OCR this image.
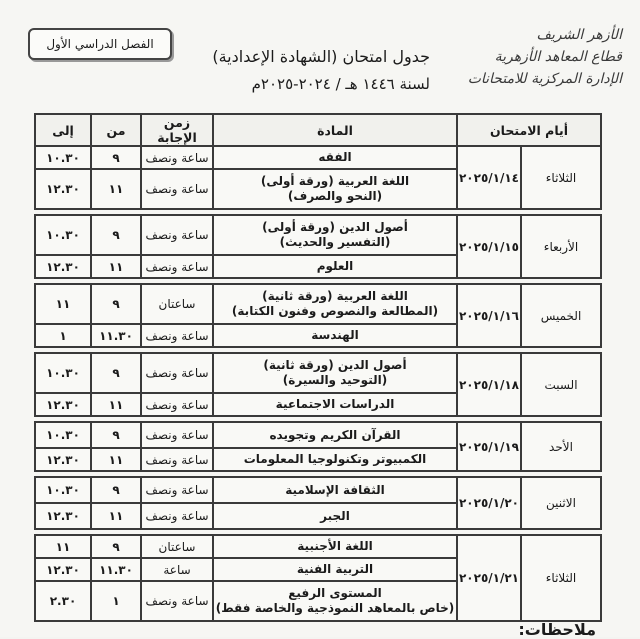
الفصل الدراسي الأول
جدول امتحان (الشهادة الإعدادية)
لسنة ١٤٤٦ هـ / ٢٠٢٤-٢٠٢٥م
الأزهر الشريف
قطاع المعاهد الأزهرية
الإدارة المركزية للامتحانات
أيام الامتحان		المادة	زمن الإجابة	من	إلى
الثلاثاء	٢٠٢٥/١/١٤	الفقه	ساعة ونصف	٩	١٠.٣٠
		اللغة العربية (ورقة أولى)
(النحو والصرف)	ساعة ونصف	١١	١٢.٣٠

الأربعاء	٢٠٢٥/١/١٥	أصول الدين (ورقة أولى)
(التفسير والحديث)	ساعة ونصف	٩	١٠.٣٠
		العلوم	ساعة ونصف	١١	١٢.٣٠

الخميس	٢٠٢٥/١/١٦	اللغة العربية (ورقة ثانية)
(المطالعة والنصوص وفنون الكتابة)	ساعتان	٩	١١
		الهندسة	ساعة ونصف	١١.٣٠	١

السبت	٢٠٢٥/١/١٨	أصول الدين (ورقة ثانية)
(التوحيد والسيرة)	ساعة ونصف	٩	١٠.٣٠
		الدراسات الاجتماعية	ساعة ونصف	١١	١٢.٣٠

الأحد	٢٠٢٥/١/١٩	القرآن الكريم وتجويده	ساعة ونصف	٩	١٠.٣٠
		الكمبيوتر وتكنولوجيا المعلومات	ساعة ونصف	١١	١٢.٣٠

الاثنين	٢٠٢٥/١/٢٠	الثقافة الإسلامية	ساعة ونصف	٩	١٠.٣٠
		الجبر	ساعة ونصف	١١	١٢.٣٠

الثلاثاء	٢٠٢٥/١/٢١	اللغة الأجنبية	ساعتان	٩	١١
		التربية الفنية	ساعة	١١.٣٠	١٢.٣٠
		المستوى الرفيع
(خاص بالمعاهد النموذجية والخاصة فقط)	ساعة ونصف	١	٢.٣٠
ملاحظات:
